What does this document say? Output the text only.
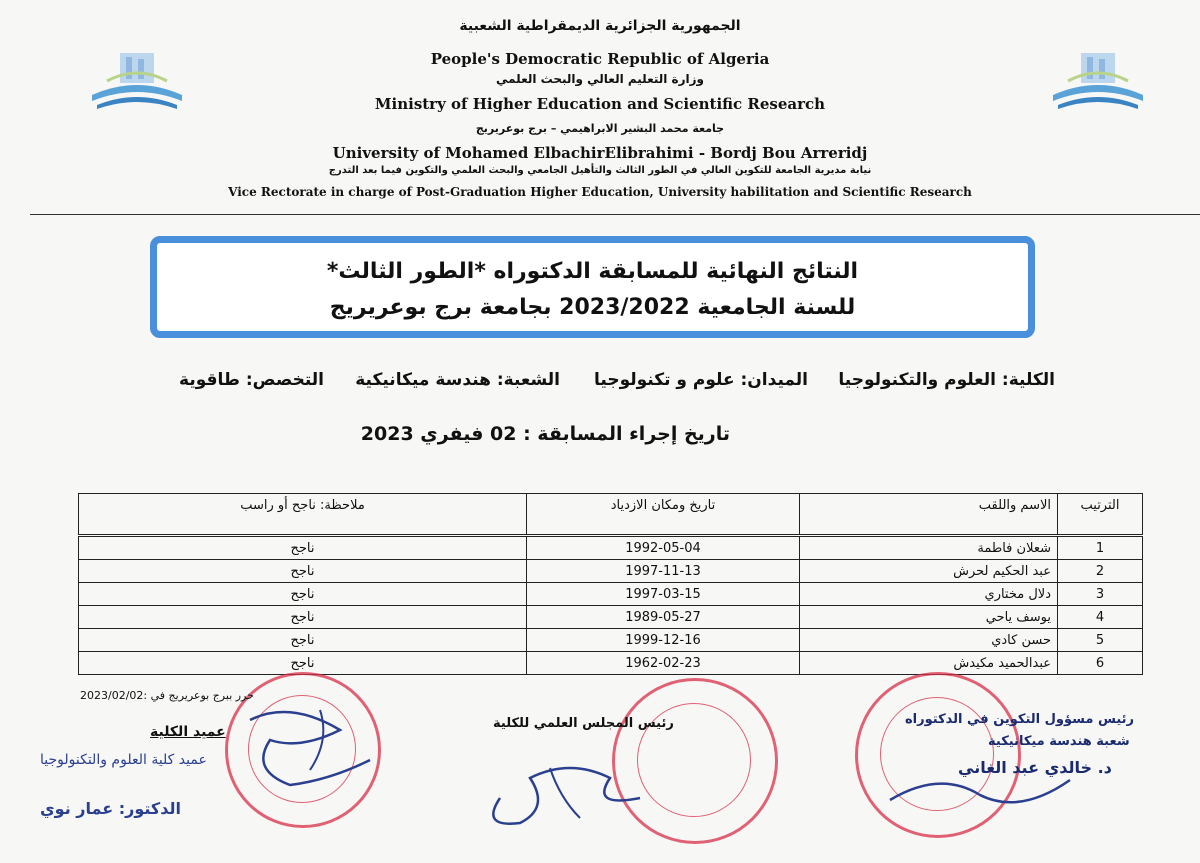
الجمهورية الجزائرية الديمقراطية الشعبية
People's Democratic Republic of Algeria
وزارة التعليم العالي والبحث العلمي
Ministry of Higher Education and Scientific Research
جامعة محمد البشير الابراهيمي – برج بوعريريج
University of Mohamed ElbachirElibrahimi - Bordj Bou Arreridj
نيابة مديرية الجامعة للتكوين العالي في الطور الثالث والتأهيل الجامعي والبحث العلمي والتكوين فيما بعد التدرج
Vice Rectorate in charge of Post-Graduation Higher Education, University habilitation and Scientific Research
النتائج النهائية للمسابقة الدكتوراه *الطور الثالث*
للسنة الجامعية 2023/2022 بجامعة برج بوعريريج
الكلية: العلوم والتكنولوجيا
الميدان: علوم و تكنولوجيا
الشعبة: هندسة ميكانيكية
التخصص: طاقوية
تاريخ إجراء المسابقة : 02 فيفري 2023
الترتيب	الاسم واللقب	تاريخ ومكان الازدياد	ملاحظة: ناجح أو راسب
1	شعلان فاطمة	1992-05-04	ناجح
2	عبد الحكيم لحرش	1997-11-13	ناجح
3	دلال مختاري	1997-03-15	ناجح
4	يوسف ياحي	1989-05-27	ناجح
5	حسن كادي	1999-12-16	ناجح
6	عبدالحميد مكيدش	1962-02-23	ناجح
حرر ببرج بوعريريج في :2023/02/02
عميد الكلية
عميد كلية العلوم والتكنولوجيا
الدكتور: عمار نوي
رئيس المجلس العلمي للكلية	رئيس مسؤول التكوين في الدكتوراه
شعبة هندسة ميكانيكية
د. خالدي عبد الغاني
